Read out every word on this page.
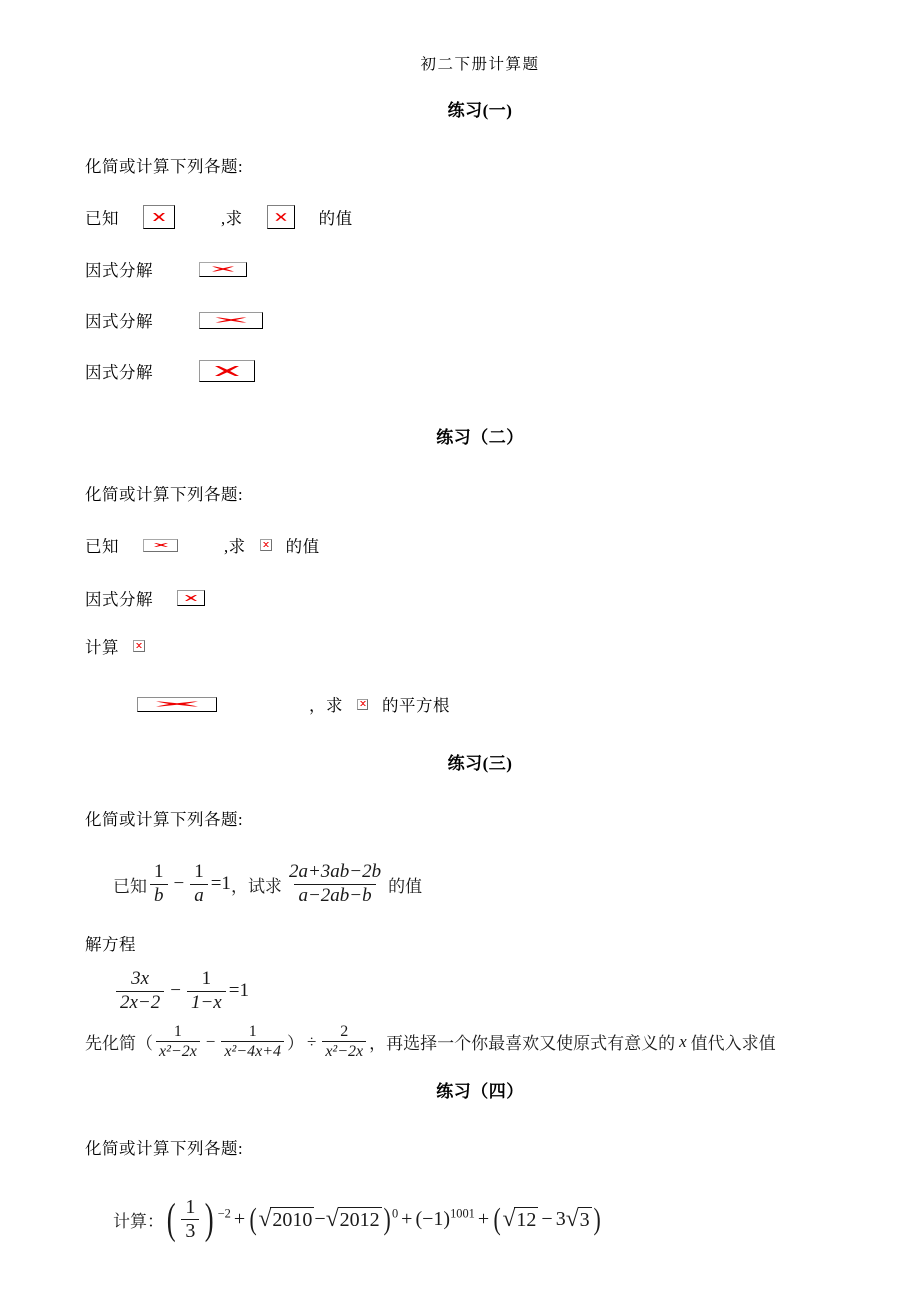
初二下册计算题
练习(一)
化简或计算下列各题:
已知	,求	的值
因式分解
因式分解
因式分解
练习（二）
化简或计算下列各题:
已知	,求 的值
因式分解
计算
，求 的平方根
练习(三)
化简或计算下列各题:
已知 $\frac{1}{b} - \frac{1}{a} =1$ ， 试求 $\frac{2a+3ab-2b}{a-2ab-b}$ 的值
解方程
$\frac{3x}{2x-2} - \frac{1}{1-x} =1$
先化简（ $\frac{1}{\text{x²−2x}} - \frac{1}{\text{x²−4x+4}}$ ） ÷ $\frac{2}{\text{x²−2x}}$ ， 再选择一个你最喜欢又使原式有意义的 x 值代入求值
练习（四）
化简或计算下列各题:
计算： ( $\frac{1}{3}$ ) $^{-2}$ + ( √ 2010 − √ 2012 ) $^0$ + ( −1 ) $^{1001}$ + ( √ 12 − 3 √ 3 )
